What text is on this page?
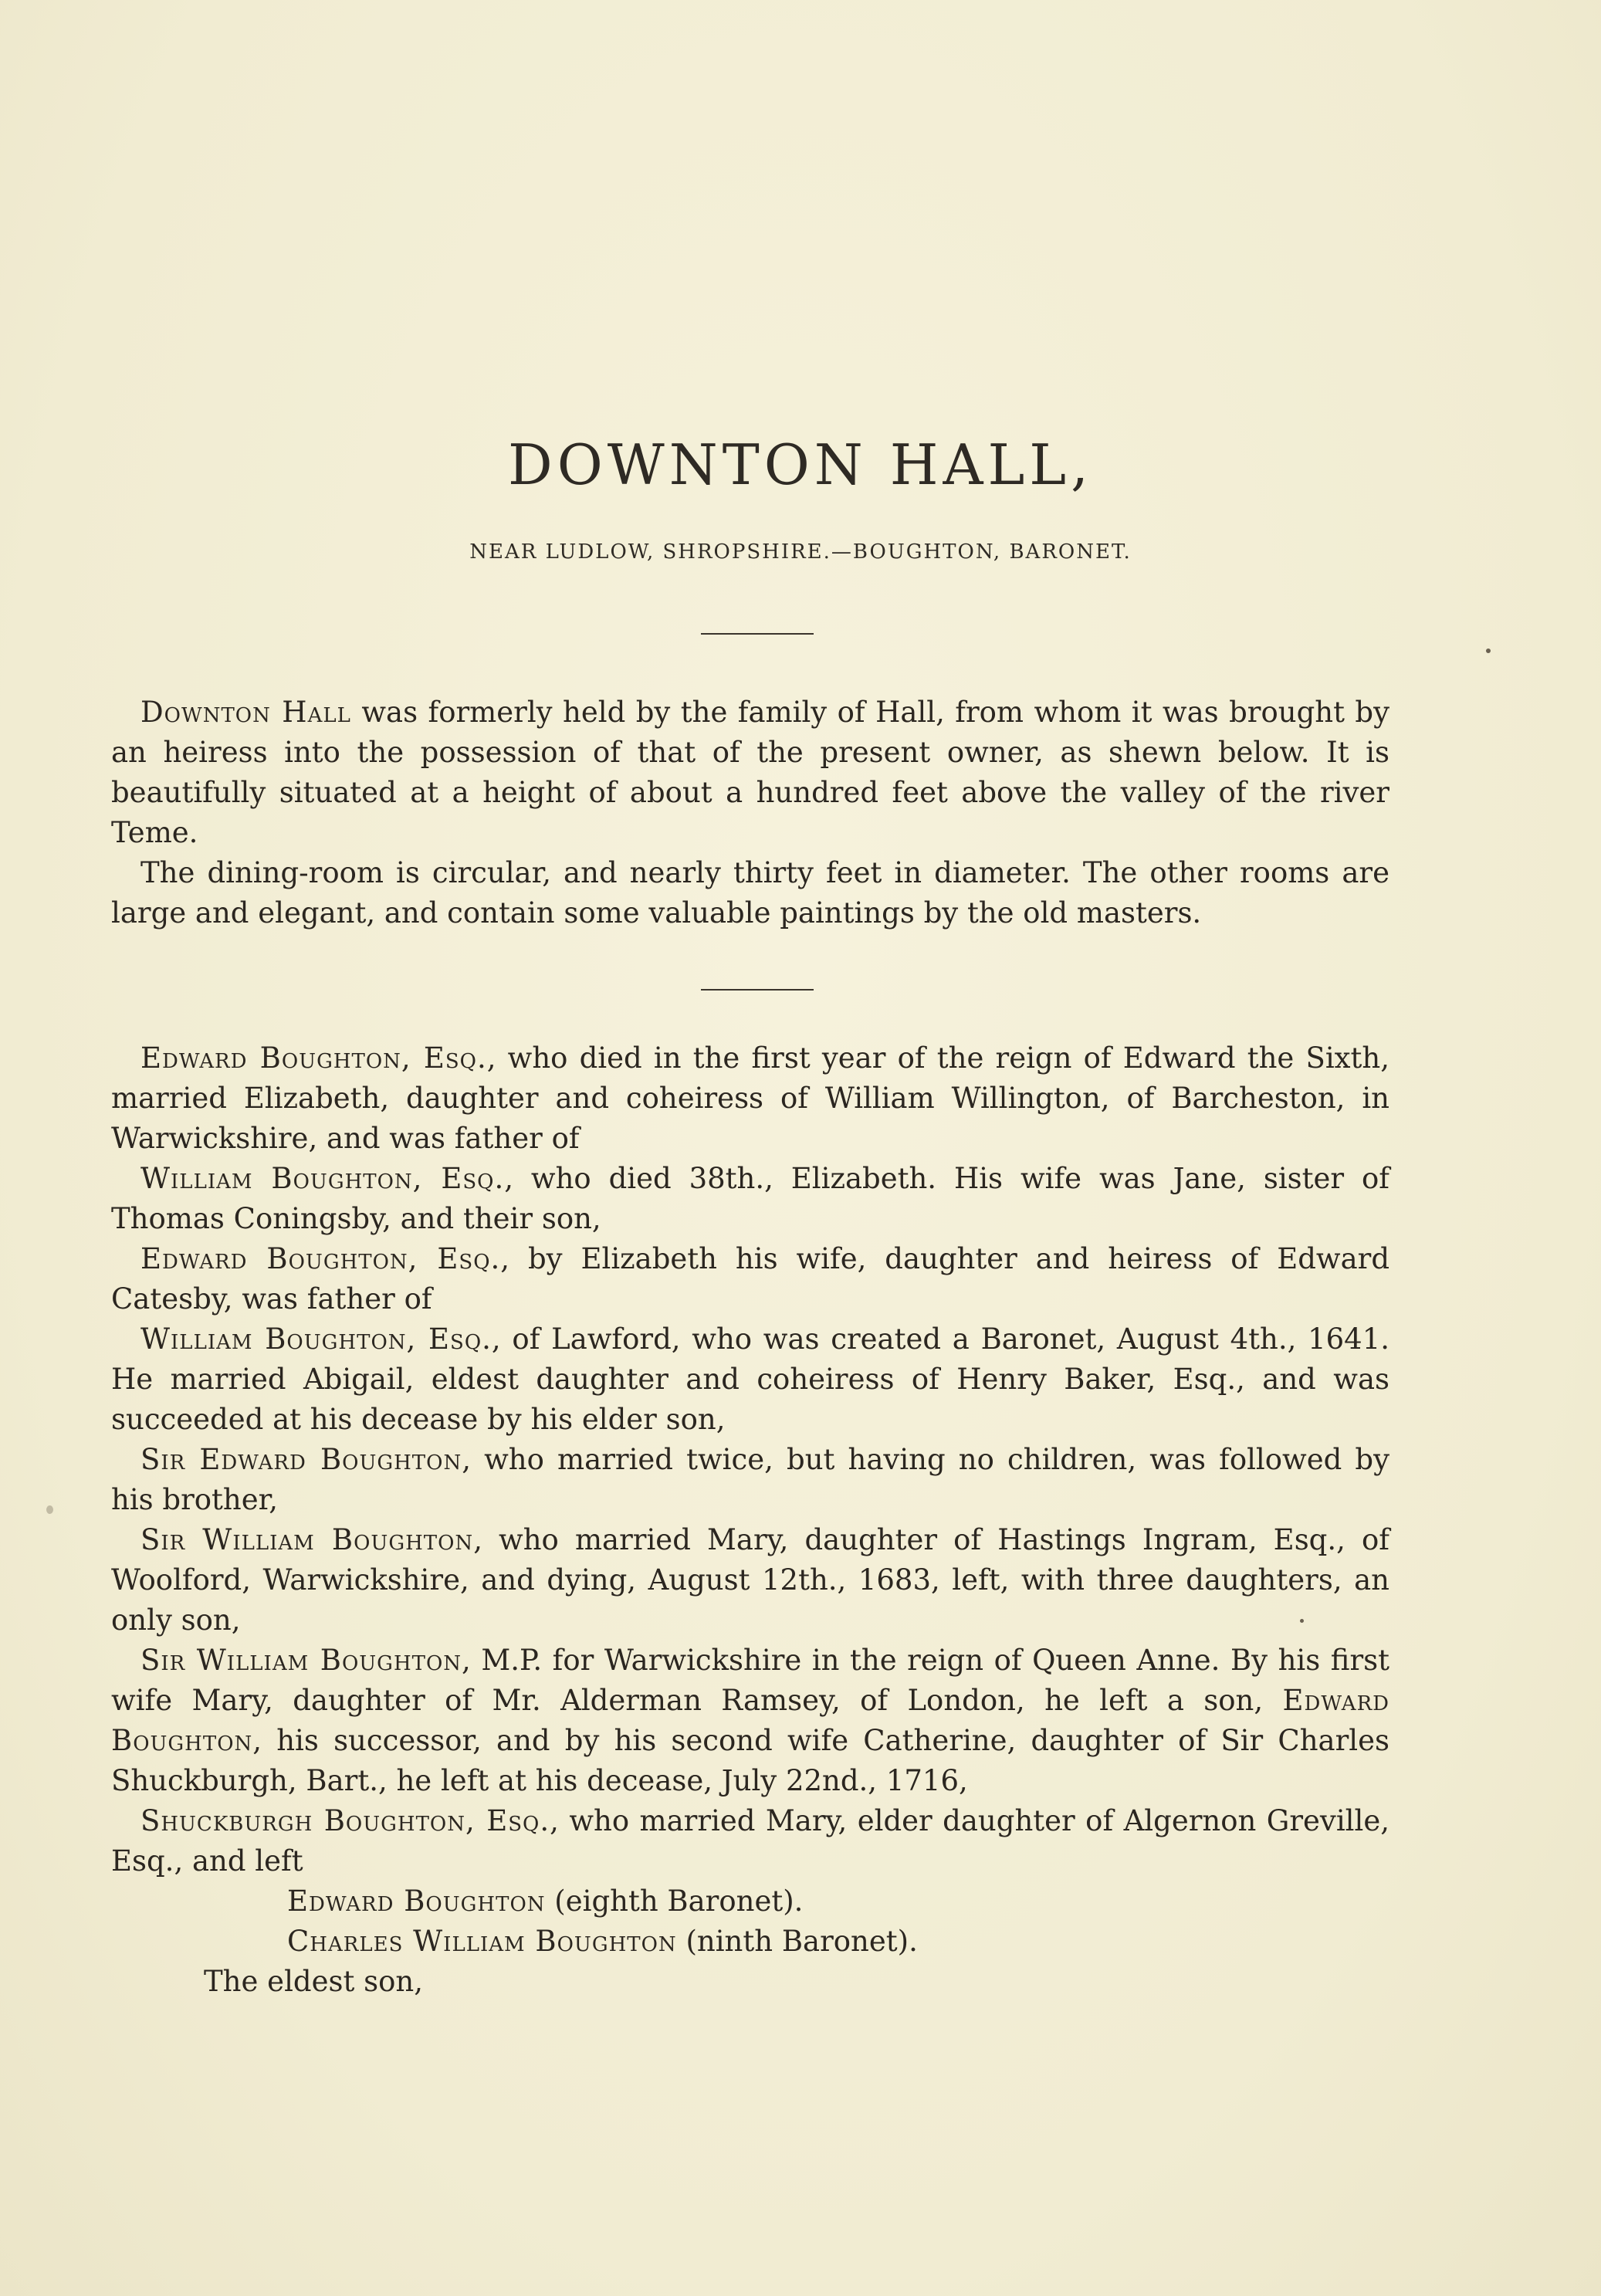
DOWNTON HALL,
NEAR LUDLOW, SHROPSHIRE.—BOUGHTON, BARONET.

Downton Hall was formerly held by the family of Hall, from whom it was brought by an heiress into the possession of that of the present owner, as shewn below. It is beautifully situated at a height of about a hundred feet above the valley of the river Teme.

The dining-room is circular, and nearly thirty feet in diameter. The other rooms are large and elegant, and contain some valuable paintings by the old masters.

Edward Boughton, Esq., who died in the first year of the reign of Edward the Sixth, married Elizabeth, daughter and coheiress of William Willington, of Barcheston, in Warwickshire, and was father of

William Boughton, Esq., who died 38th., Elizabeth. His wife was Jane, sister of Thomas Coningsby, and their son,

Edward Boughton, Esq., by Elizabeth his wife, daughter and heiress of Edward Catesby, was father of

William Boughton, Esq., of Lawford, who was created a Baronet, August 4th., 1641. He married Abigail, eldest daughter and coheiress of Henry Baker, Esq., and was succeeded at his decease by his elder son,

Sir Edward Boughton, who married twice, but having no children, was followed by his brother,

Sir William Boughton, who married Mary, daughter of Hastings Ingram, Esq., of Woolford, Warwickshire, and dying, August 12th., 1683, left, with three daughters, an only son,

Sir William Boughton, M.P. for Warwickshire in the reign of Queen Anne. By his first wife Mary, daughter of Mr. Alderman Ramsey, of London, he left a son, Edward Boughton, his successor, and by his second wife Catherine, daughter of Sir Charles Shuckburgh, Bart., he left at his decease, July 22nd., 1716,

Shuckburgh Boughton, Esq., who married Mary, elder daughter of Algernon Greville, Esq., and left

Edward Boughton (eighth Baronet).

Charles William Boughton (ninth Baronet).

The eldest son,
